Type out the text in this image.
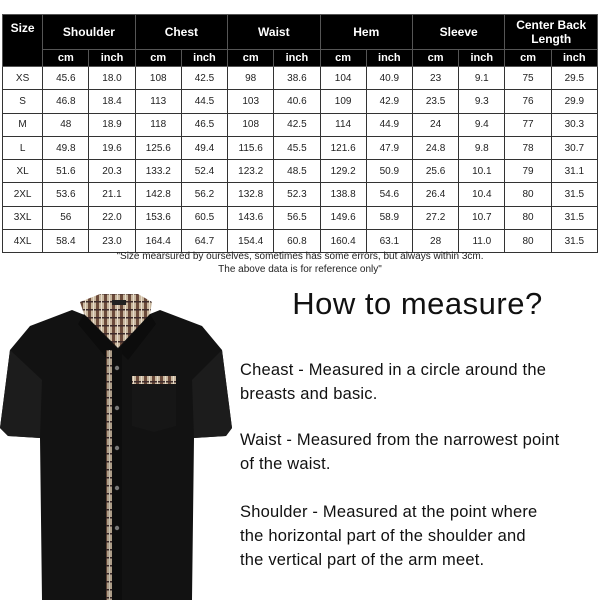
Size	Shoulder		Chest		Waist		Hem		Sleeve		Center Back Length	
	cm	inch	cm	inch	cm	inch	cm	inch	cm	inch	cm	inch
XS	45.6	18.0	108	42.5	98	38.6	104	40.9	23	9.1	75	29.5
S	46.8	18.4	113	44.5	103	40.6	109	42.9	23.5	9.3	76	29.9
M	48	18.9	118	46.5	108	42.5	114	44.9	24	9.4	77	30.3
L	49.8	19.6	125.6	49.4	115.6	45.5	121.6	47.9	24.8	9.8	78	30.7
XL	51.6	20.3	133.2	52.4	123.2	48.5	129.2	50.9	25.6	10.1	79	31.1
2XL	53.6	21.1	142.8	56.2	132.8	52.3	138.8	54.6	26.4	10.4	80	31.5
3XL	56	22.0	153.6	60.5	143.6	56.5	149.6	58.9	27.2	10.7	80	31.5
4XL	58.4	23.0	164.4	64.7	154.4	60.8	160.4	63.1	28	11.0	80	31.5
"Size mearsured by ourselves, sometimes has some errors, but always within 3cm.
The above data is for reference only"
How to measure?
Cheast - Measured in a circle around the
breasts and basic.
Waist - Measured from the narrowest point
of the waist.
Shoulder - Measured at the point where
the horizontal part of the shoulder and
the vertical part of the arm meet.
